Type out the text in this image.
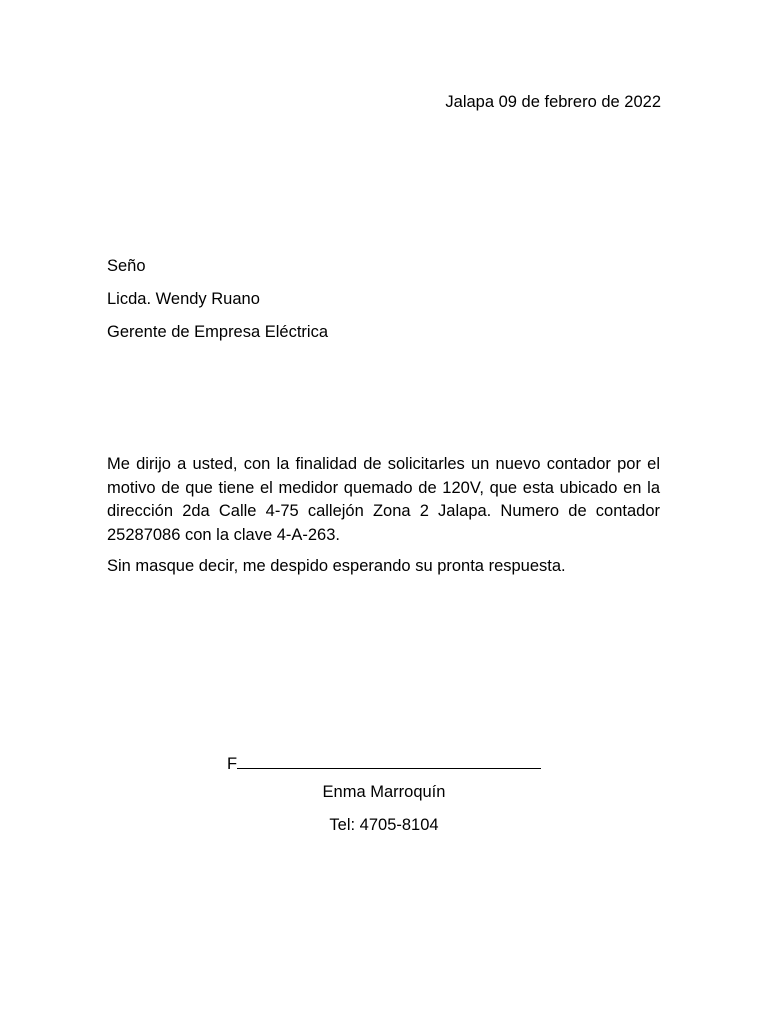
Jalapa 09 de febrero de 2022
Seño
Licda. Wendy Ruano
Gerente de Empresa Eléctrica

Me dirijo a usted, con la finalidad de solicitarles un nuevo contador por el motivo de que tiene el medidor quemado de 120V, que esta ubicado en la dirección 2da Calle 4-75 callejón Zona 2 Jalapa. Numero de contador 25287086 con la clave 4-A-263.

Sin masque decir, me despido esperando su pronta respuesta.

F
Enma Marroquín
Tel: 4705-8104
